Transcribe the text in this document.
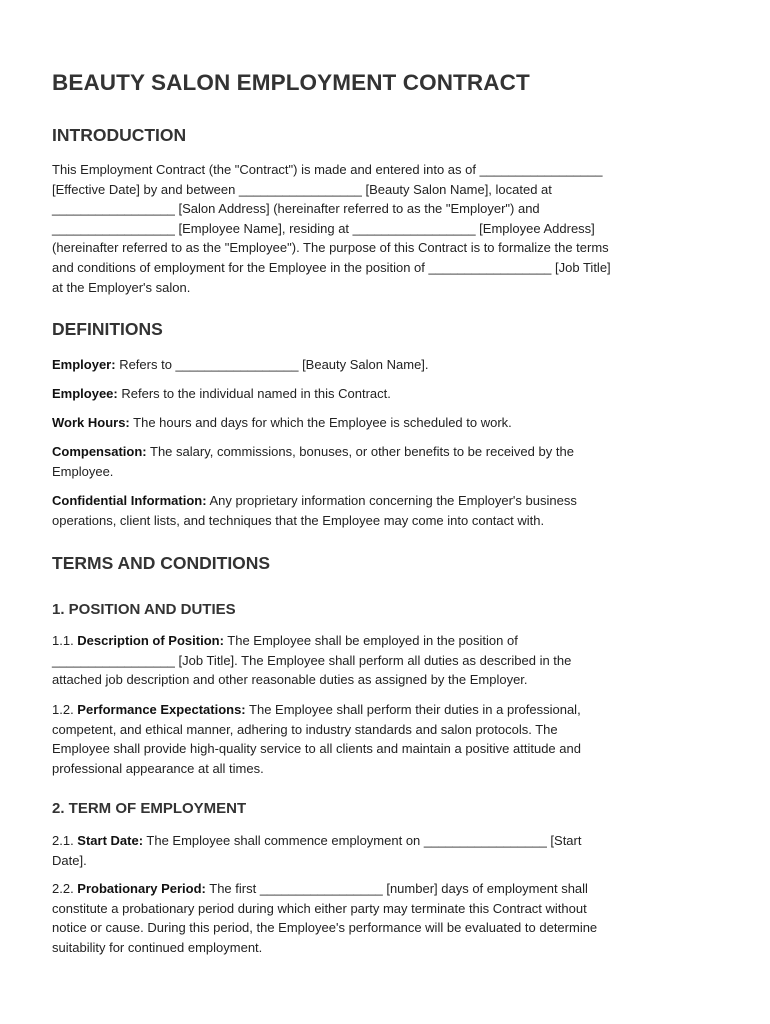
BEAUTY SALON EMPLOYMENT CONTRACT
INTRODUCTION

This Employment Contract (the "Contract") is made and entered into as of _________________
[Effective Date] by and between _________________ [Beauty Salon Name], located at
_________________ [Salon Address] (hereinafter referred to as the "Employer") and
_________________ [Employee Name], residing at _________________ [Employee Address]
(hereinafter referred to as the "Employee"). The purpose of this Contract is to formalize the terms
and conditions of employment for the Employee in the position of _________________ [Job Title]
at the Employer's salon.

DEFINITIONS

Employer: Refers to _________________ [Beauty Salon Name].

Employee: Refers to the individual named in this Contract.

Work Hours: The hours and days for which the Employee is scheduled to work.

Compensation: The salary, commissions, bonuses, or other benefits to be received by the
Employee.

Confidential Information: Any proprietary information concerning the Employer's business
operations, client lists, and techniques that the Employee may come into contact with.

TERMS AND CONDITIONS
1. POSITION AND DUTIES

1.1. Description of Position: The Employee shall be employed in the position of
_________________ [Job Title]. The Employee shall perform all duties as described in the
attached job description and other reasonable duties as assigned by the Employer.

1.2. Performance Expectations: The Employee shall perform their duties in a professional,
competent, and ethical manner, adhering to industry standards and salon protocols. The
Employee shall provide high-quality service to all clients and maintain a positive attitude and
professional appearance at all times.

2. TERM OF EMPLOYMENT

2.1. Start Date: The Employee shall commence employment on _________________ [Start
Date].

2.2. Probationary Period: The first _________________ [number] days of employment shall
constitute a probationary period during which either party may terminate this Contract without
notice or cause. During this period, the Employee's performance will be evaluated to determine
suitability for continued employment.
